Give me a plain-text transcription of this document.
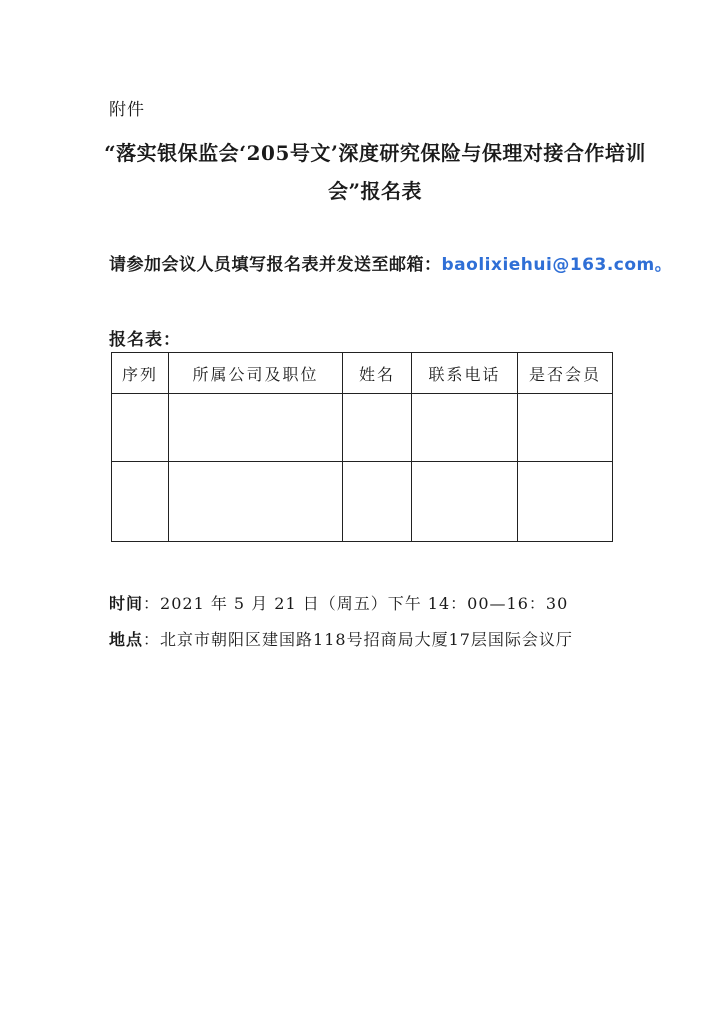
附件
“落实银保监会‘205号文’深度研究保险与保理对接合作培训
会”报名表
请参加会议人员填写报名表并发送至邮箱：baolixiehui@163.com。
报名表：
序列	所属公司及职位	姓名	联系电话	是否会员

时间：2021 年 5 月 21 日（周五）下午 14：00—16：30
地点：北京市朝阳区建国路118号招商局大厦17层国际会议厅
